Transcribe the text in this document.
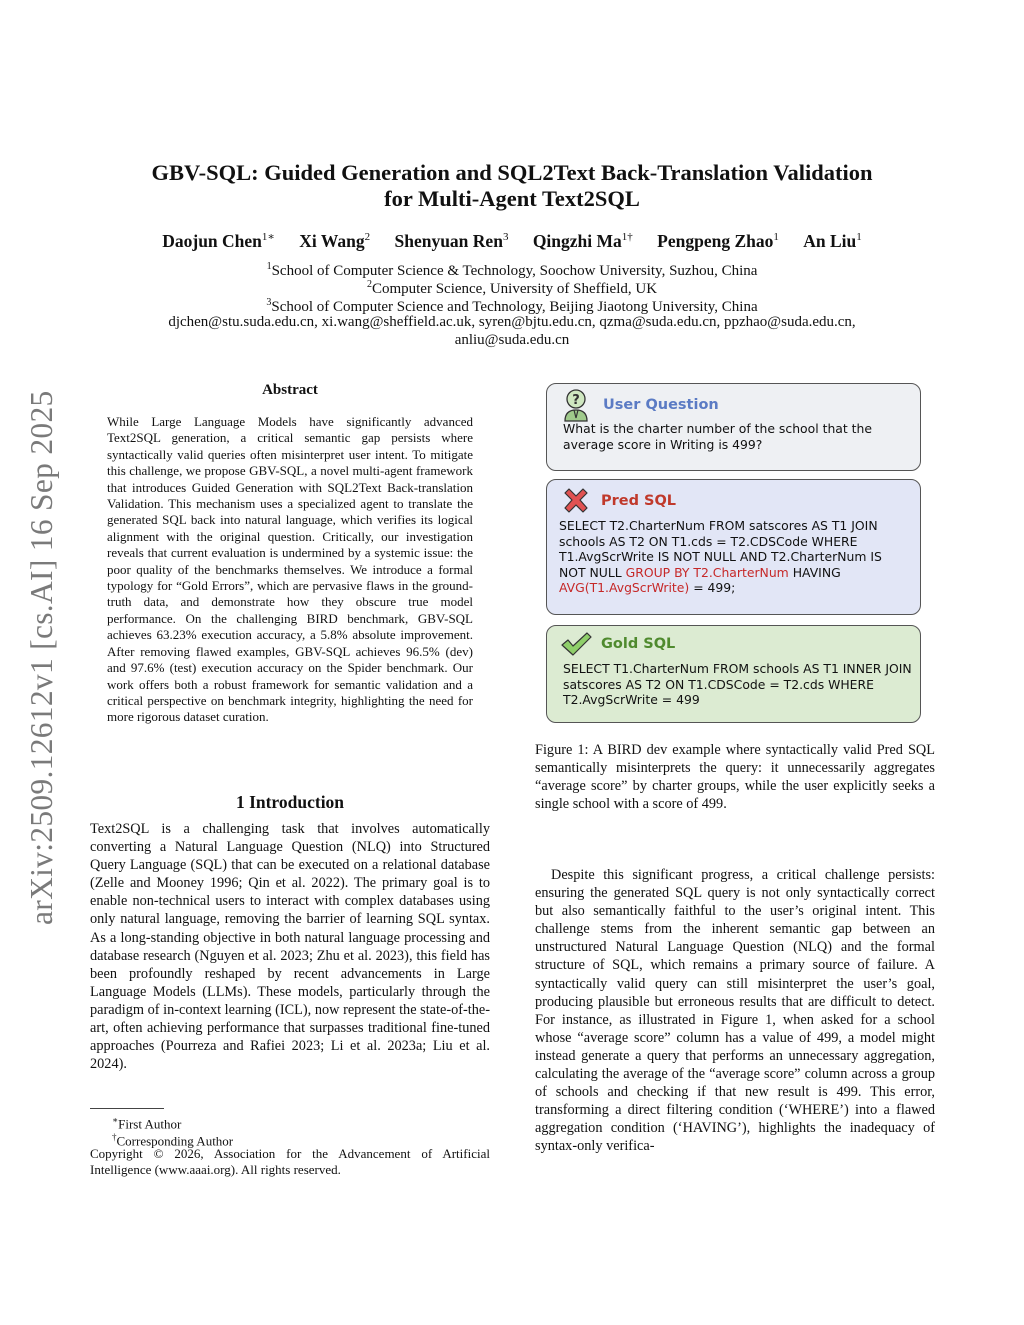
arXiv:2509.12612v1 [cs.AI] 16 Sep 2025
GBV-SQL: Guided Generation and SQL2Text Back-Translation Validation
for Multi-Agent Text2SQL
Daojun Chen$^{1∗}$ Xi Wang$^2$ Shenyuan Ren$^3$ Qingzhi $Ma^{1\dagger}$ Pengpeng Zhao$^1$ An Liu$^1$
$^1$School of Computer Science & Technology, Soochow University, Suzhou, China
$^2$Computer Science, University of Sheffield, UK
$^3$School of Computer Science and Technology, Beijing Jiaotong University, China
djchen@stu.suda.edu.cn, xi.wang@sheffield.ac.uk, syren@bjtu.edu.cn, qzma@suda.edu.cn, ppzhao@suda.edu.cn,
anliu@suda.edu.cn
Abstract
While Large Language Models have significantly advanced Text2SQL generation, a critical semantic gap persists where syntactically valid queries often misinterpret user intent. To mitigate this challenge, we propose GBV-SQL, a novel multi-agent framework that introduces Guided Generation with SQL2Text Back-translation Validation. This mechanism uses a specialized agent to translate the generated SQL back into natural language, which verifies its logical alignment with the original question. Critically, our investigation reveals that current evaluation is undermined by a systemic issue: the poor quality of the benchmarks themselves. We introduce a formal typology for “Gold Errors”, which are pervasive flaws in the ground-truth data, and demonstrate how they obscure true model performance. On the challenging BIRD benchmark, GBV-SQL achieves 63.23% execution accuracy, a 5.8% absolute improvement. After removing flawed examples, GBV-SQL achieves 96.5% (dev) and 97.6% (test) execution accuracy on the Spider benchmark. Our work offers both a robust framework for semantic validation and a critical perspective on benchmark integrity, highlighting the need for more rigorous dataset curation.
1 Introduction
Text2SQL is a challenging task that involves automatically converting a Natural Language Question (NLQ) into Structured Query Language (SQL) that can be executed on a relational database (Zelle and Mooney 1996; Qin et al. 2022). The primary goal is to enable non-technical users to interact with complex databases using only natural language, removing the barrier of learning SQL syntax. As a long-standing objective in both natural language processing and database research (Nguyen et al. 2023; Zhu et al. 2023), this field has been profoundly reshaped by recent advancements in Large Language Models (LLMs). These models, particularly through the paradigm of in-context learning (ICL), now represent the state-of-the-art, often achieving performance that surpasses traditional fine-tuned approaches (Pourreza and Rafiei 2023; Li et al. 2023a; Liu et al. 2024).
∗First Author
†Corresponding Author
Copyright © 2026, Association for the Advancement of Artificial Intelligence (www.aaai.org). All rights reserved.
? User Question
What is the charter number of the school that the average score in Writing is 499?
Pred SQL
SELECT T2.CharterNum FROM satscores AS T1 JOIN schools AS T2 ON T1.cds = T2.CDSCode WHERE T1.AvgScrWrite IS NOT NULL AND T2.CharterNum IS NOT NULL GROUP BY T2.CharterNum HAVING AVG(T1.AvgScrWrite) = 499;
Gold SQL
SELECT T1.CharterNum FROM schools AS T1 INNER JOIN satscores AS T2 ON T1.CDSCode = T2.cds WHERE T2.AvgScrWrite = 499
Figure 1: A BIRD dev example where syntactically valid Pred SQL semantically misinterprets the query: it unnecessarily aggregates “average score” by charter groups, while the user explicitly seeks a single school with a score of 499.
Despite this significant progress, a critical challenge persists: ensuring the generated SQL query is not only syntactically correct but also semantically faithful to the user’s original intent. This challenge stems from the inherent semantic gap between an unstructured Natural Language Question (NLQ) and the formal structure of SQL, which remains a primary source of failure. A syntactically valid query can still misinterpret the user’s goal, producing plausible but erroneous results that are difficult to detect. For instance, as illustrated in Figure 1, when asked for a school whose “average score” column has a value of 499, a model might instead generate a query that performs an unnecessary aggregation, calculating the average of the “average score” column across a group of schools and checking if that new result is 499. This error, transforming a direct filtering condition (‘WHERE’) into a flawed aggregation condition (‘HAVING’), highlights the inadequacy of syntax-only verifica-
